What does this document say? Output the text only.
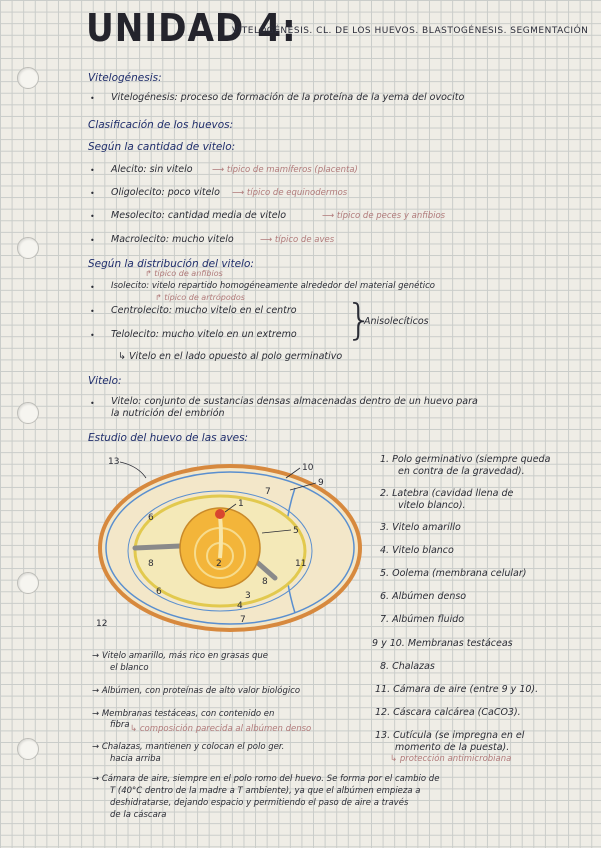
UNIDAD 4:
VITELOGÉNESIS. CL. DE LOS HUEVOS. BLASTOGÉNESIS. SEGMENTACIÓN
Vitelogénesis:
• Vitelogénesis: proceso de formación de la proteína de la yema del ovocito
Clasificación de los huevos:
Según la cantidad de vitelo:
• Alecito: sin vitelo ⟶ típico de mamíferos (placenta)
• Oligolecito: poco vitelo ⟶ típico de equinodermos
• Mesolecito: cantidad media de vitelo	⟶ típico de peces y anfibios
• Macrolecito: mucho vitelo	⟶ típico de aves
Según la distribución del vitelo:
↱ típico de anfibios
• Isolecito: vitelo repartido homogéneamente alrededor del material genético
↱ típico de artrópodos
• Centrolecito: mucho vitelo en el centro
• Telolecito: mucho vitelo en un extremo }
Anisolecíticos
↳ Vitelo en el lado opuesto al polo germinativo
Vitelo:
• Vitelo: conjunto de sustancias densas almacenadas dentro de un huevo para
la nutrición del embrión
Estudio del huevo de las aves:
1
2
3
4
5
6
6
7
7
8
8
9
10
11
12
13	1. Polo germinativo (siempre queda
en contra de la gravedad).
2. Latebra (cavidad llena de
vitelo blanco).
3. Vitelo amarillo
4. Vitelo blanco
5. Oolema (membrana celular)
6. Albúmen denso
7. Albúmen fluido
9 y 10. Membranas testáceas
8. Chalazas
11. Cámara de aire (entre 9 y 10).
12. Cáscara calcárea (CaCO3).
13. Cutícula (se impregna en el
momento de la puesta).
↳ protección antimicrobiana
→ Vitelo amarillo, más rico en grasas que
el blanco
→ Albúmen, con proteínas de alto valor biológico
→ Membranas testáceas, con contenido en
fibra ↳ composición parecida al albúmen denso
→ Chalazas, mantienen y colocan el polo ger.
hacia arriba
→ Cámara de aire, siempre en el polo romo del huevo. Se forma por el cambio de
T (40°C dentro de la madre a T ambiente), ya que el albúmen empieza a
deshidratarse, dejando espacio y permitiendo el paso de aire a través
de la cáscara
